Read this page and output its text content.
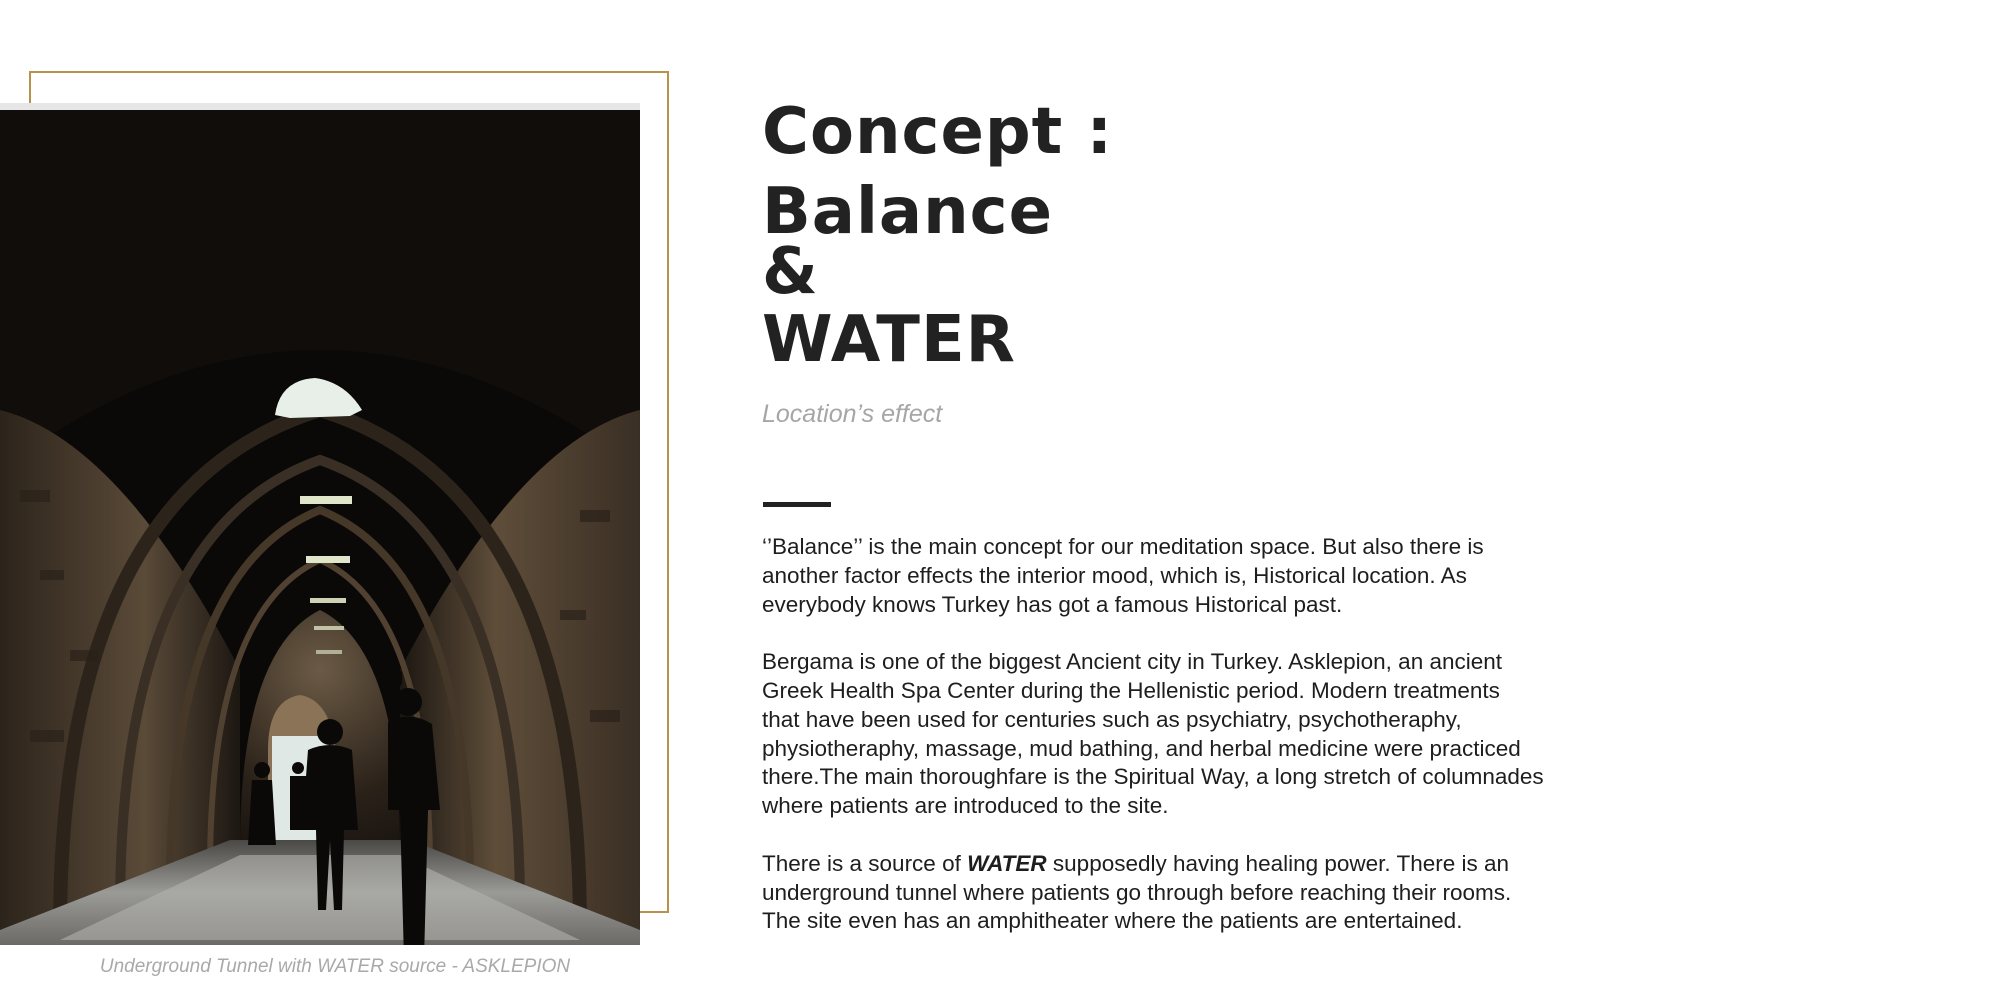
Underground Tunnel with WATER source - ASKLEPION
Concept :
Balance
&
WATER
Location’s effect

‘’Balance’’ is the main concept for our meditation space. But also there is
another factor effects the interior mood, which is, Historical location. As
everybody knows Turkey has got a famous Historical past.

Bergama is one of the biggest Ancient city in Turkey. Asklepion, an ancient
Greek Health Spa Center during the Hellenistic period. Modern treatments
that have been used for centuries such as psychiatry, psychotheraphy,
physiotheraphy, massage, mud bathing, and herbal medicine were practiced
there.The main thoroughfare is the Spiritual Way, a long stretch of columnades
where patients are introduced to the site.

There is a source of WATER supposedly having healing power. There is an
underground tunnel where patients go through before reaching their rooms.
The site even has an amphitheater where the patients are entertained.
